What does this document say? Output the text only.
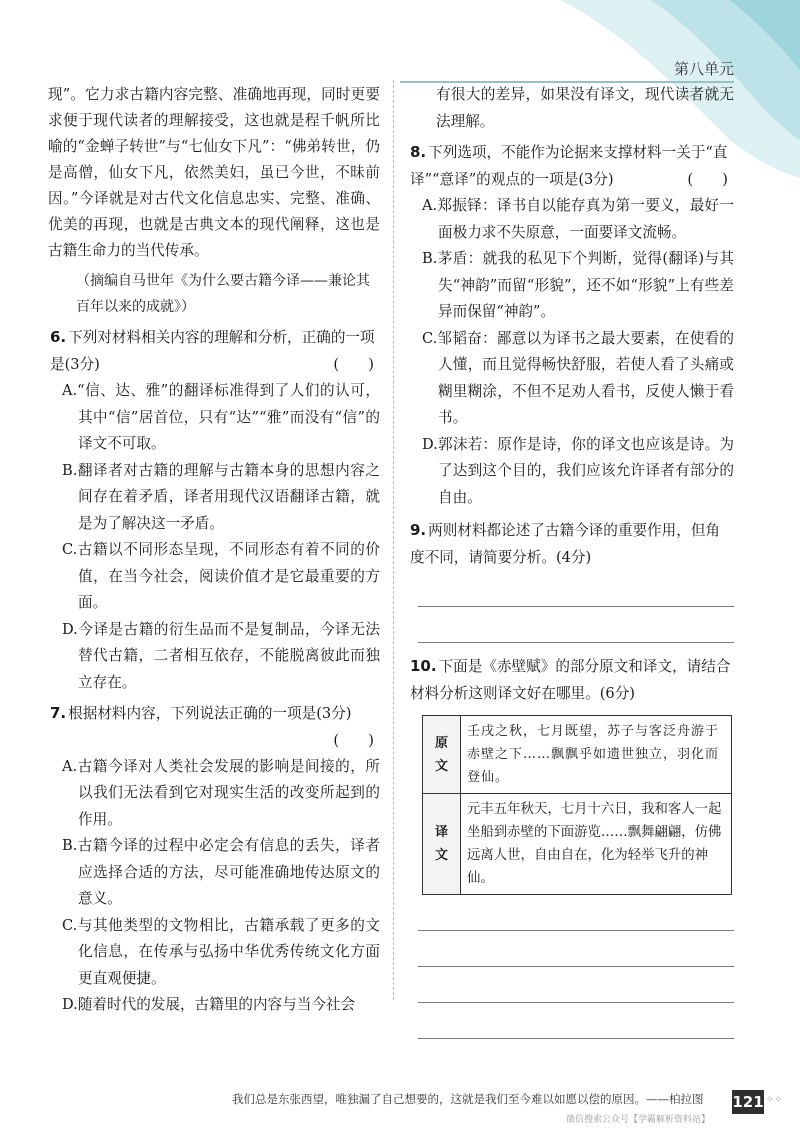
第八单元

现”。它力求古籍内容完整、准确地再现，同时更要求便于现代读者的理解接受，这也就是程千帆所比喻的“金蝉子转世”与“七仙女下凡”：“佛弟转世，仍是高僧，仙女下凡，依然美妇，虽已今世，不昧前因。”今译就是对古代文化信息忠实、完整、准确、优美的再现，也就是古典文本的现代阐释，这也是古籍生命力的当代传承。

（摘编自马世年《为什么要古籍今译——兼论其百年以来的成就》）

6. 下列对材料相关内容的理解和分析，正确的一项是(3分)	(　　)

A.“信、达、雅”的翻译标准得到了人们的认可，其中“信”居首位，只有“达”“雅”而没有“信”的译文不可取。

B.翻译者对古籍的理解与古籍本身的思想内容之间存在着矛盾，译者用现代汉语翻译古籍，就是为了解决这一矛盾。

C.古籍以不同形态呈现，不同形态有着不同的价值，在当今社会，阅读价值才是它最重要的方面。

D.今译是古籍的衍生品而不是复制品，今译无法替代古籍，二者相互依存，不能脱离彼此而独立存在。

7. 根据材料内容，下列说法正确的一项是(3分)
(　　)

A.古籍今译对人类社会发展的影响是间接的，所以我们无法看到它对现实生活的改变所起到的作用。

B.古籍今译的过程中必定会有信息的丢失，译者应选择合适的方法，尽可能准确地传达原文的意义。

C.与其他类型的文物相比，古籍承载了更多的文化信息，在传承与弘扬中华优秀传统文化方面更直观便捷。

D.随着时代的发展，古籍里的内容与当今社会

有很大的差异，如果没有译文，现代读者就无法理解。

8. 下列选项，不能作为论据来支撑材料一关于“直译”“意译”的观点的一项是(3分)	(　　)

A.郑振铎：译书自以能存真为第一要义，最好一面极力求不失原意，一面要译文流畅。

B.茅盾：就我的私见下个判断，觉得(翻译)与其失“神韵”而留“形貌”，还不如“形貌”上有些差异而保留“神韵”。

C.邹韬奋：鄙意以为译书之最大要素，在使看的人懂，而且觉得畅快舒服，若使人看了头痛或糊里糊涂，不但不足劝人看书，反使人懒于看书。

D.郭沫若：原作是诗，你的译文也应该是诗。为了达到这个目的，我们应该允许译者有部分的自由。

9. 两则材料都论述了古籍今译的重要作用，但角度不同，请简要分析。(4分)
10. 下面是《赤壁赋》的部分原文和译文，请结合材料分析这则译文好在哪里。(6分)
原文	壬戌之秋，七月既望，苏子与客泛舟游于赤壁之下……飘飘乎如遗世独立，羽化而登仙。
译文	元丰五年秋天，七月十六日，我和客人一起坐船到赤壁的下面游览……飘舞翩翩，仿佛远离人世，自由自在，化为轻举飞升的神仙。
我们总是东张西望，唯独漏了自己想要的，这就是我们至今难以如愿以偿的原因。——柏拉图
微信搜索公众号【学霸解析资料站】
121 ⁘⁘
